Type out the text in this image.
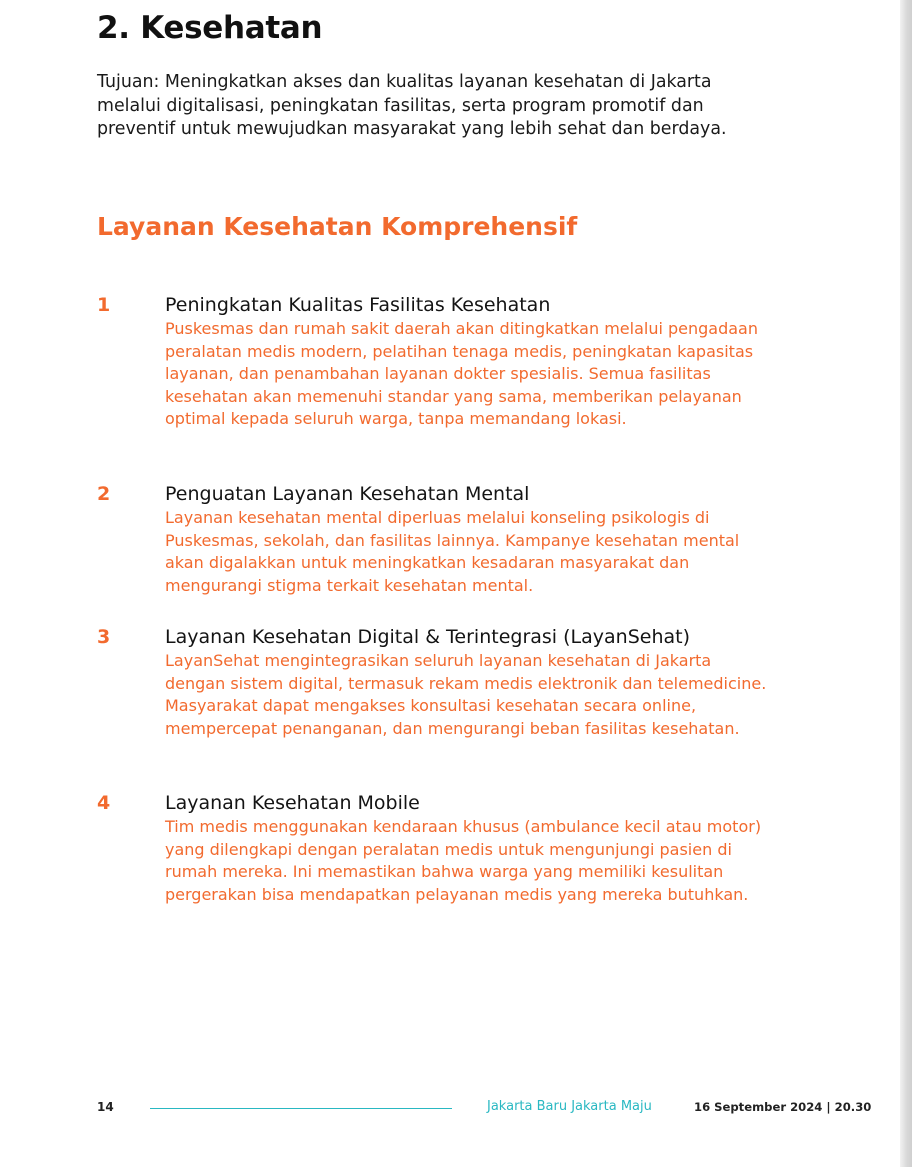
2. Kesehatan

Tujuan: Meningkatkan akses dan kualitas layanan kesehatan di Jakarta melalui digitalisasi, peningkatan fasilitas, serta program promotif dan preventif untuk mewujudkan masyarakat yang lebih sehat dan berdaya.

Layanan Kesehatan Komprehensif
1	Peningkatan Kualitas Fasilitas Kesehatan

Puskesmas dan rumah sakit daerah akan ditingkatkan melalui pengadaan peralatan medis modern, pelatihan tenaga medis, peningkatan kapasitas layanan, dan penambahan layanan dokter spesialis. Semua fasilitas kesehatan akan memenuhi standar yang sama, memberikan pelayanan optimal kepada seluruh warga, tanpa memandang lokasi.

2	Penguatan Layanan Kesehatan Mental

Layanan kesehatan mental diperluas melalui konseling psikologis di Puskesmas, sekolah, dan fasilitas lainnya. Kampanye kesehatan mental akan digalakkan untuk meningkatkan kesadaran masyarakat dan mengurangi stigma terkait kesehatan mental.

3	Layanan Kesehatan Digital & Terintegrasi (LayanSehat)

LayanSehat mengintegrasikan seluruh layanan kesehatan di Jakarta dengan sistem digital, termasuk rekam medis elektronik dan telemedicine. Masyarakat dapat mengakses konsultasi kesehatan secara online, mempercepat penanganan, dan mengurangi beban fasilitas kesehatan.

4	Layanan Kesehatan Mobile

Tim medis menggunakan kendaraan khusus (ambulance kecil atau motor) yang dilengkapi dengan peralatan medis untuk mengunjungi pasien di rumah mereka. Ini memastikan bahwa warga yang memiliki kesulitan pergerakan bisa mendapatkan pelayanan medis yang mereka butuhkan.

14	Jakarta Baru Jakarta Maju	16 September 2024 | 20.30
